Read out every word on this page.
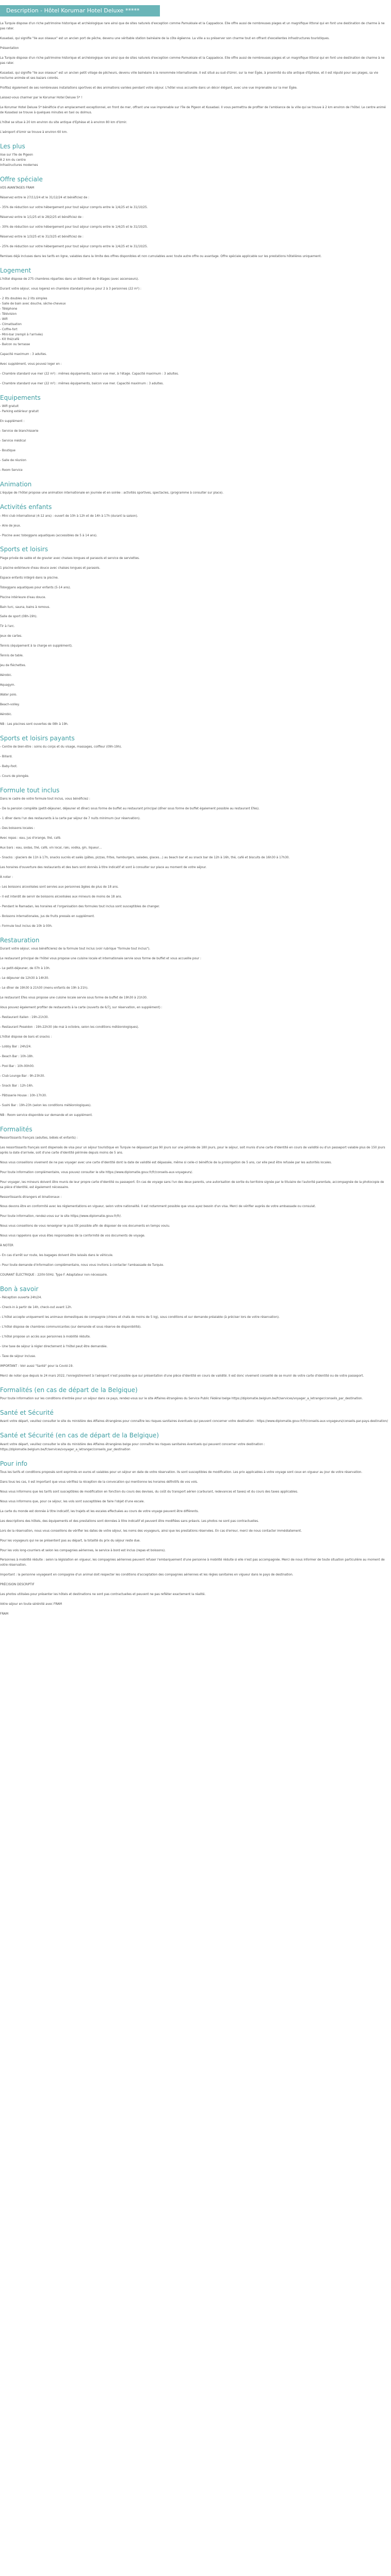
Description - Hôtel Korumar Hotel Deluxe *****

La Turquie dispose d'un riche patrimoine historique et archéologique rare ainsi que de sites naturels d'exception comme Pamukkale et la Cappadoce. Elle offre aussi de nombreuses plages et un magnifique littoral qui en font une destination de charme à ne pas rater.

Kusadasi, qui signifie "Ile aux oiseaux" est un ancien port de pêche, devenu une véritable station balnéaire de la côte égéenne. La ville a su préserver son charme tout en offrant d'excellentes infrastructures touristiques.

Présentation

La Turquie dispose d'un riche patrimoine historique et archéologique rare ainsi que de sites naturels d'exception comme Pamukkale et la Cappadoce. Elle offre aussi de nombreuses plages et un magnifique littoral qui en font une destination de charme à ne pas rater.

Kusadasi, qui signifie "Ile aux oiseaux" est un ancien petit village de pêcheurs, devenu ville balnéaire à la renommée internationale. Il est situé au sud d'Izmir, sur la mer Égée, à proximité du site antique d'Ephèse, et il est réputé pour ses plages, sa vie nocturne animée et ses bazars colorés.

Profitez également de ses nombreuses installations sportives et des animations variées pendant votre séjour. L'hôtel vous accueille dans un décor élégant, avec une vue imprenable sur la mer Égée.

Laissez-vous charmer par le Korumar Hotel Deluxe 5* !

Le Korumar Hotel Deluxe 5* bénéficie d'un emplacement exceptionnel, en front de mer, offrant une vue imprenable sur l'île de Pigeon et Kusadasi. Il vous permettra de profiter de l'ambiance de la ville qui se trouve à 2 km environ de l'hôtel. Le centre animé de Kusadasi se trouve à quelques minutes en taxi ou dolmus.

L'hôtel se situe à 20 km environ du site antique d'Ephèse et à environ 80 km d'Izmir.

L'aéroport d'Izmir se trouve à environ 60 km.

Les plus
Vue sur l'île de Pigeon
À 2 km du centre
Infrastructures modernes
Offre spéciale

VOS AVANTAGES FRAM

Réservez entre le 27/11/24 et le 31/12/24 et bénéficiez de :

- 35% de réduction sur votre hébergement pour tout séjour compris entre le 1/4/25 et le 31/10/25.

Réservez entre le 1/1/25 et le 28/2/25 et bénéficiez de :

- 30% de réduction sur votre hébergement pour tout séjour compris entre le 1/4/25 et le 31/10/25.

Réservez entre le 1/3/25 et le 31/3/25 et bénéficiez de :

- 25% de réduction sur votre hébergement pour tout séjour compris entre le 1/4/25 et le 31/10/25.

Remises déjà incluses dans les tarifs en ligne, valables dans la limite des offres disponibles et non cumulables avec toute autre offre ou avantage. Offre spéciale applicable sur les prestations hôtelières uniquement.

Logement

L'hôtel dispose de 275 chambres réparties dans un bâtiment de 9 étages (avec ascenseurs).

Durant votre séjour, vous logerez en chambre standard prévue pour 2 à 3 personnes (22 m²) :

- 2 lits doubles ou 2 lits simples
- Salle de bain avec douche, sèche-cheveux
- Téléphone
- Télévision
- Wifi
- Climatisation
- Coffre-fort
- Mini-bar (rempli à l'arrivée)
- Kit thé/café
- Balcon ou terrasse

Capacité maximum : 3 adultes.

Avec supplément, vous pouvez loger en :

- Chambre standard vue mer (22 m²) : mêmes équipements, balcon vue mer, à l'étage. Capacité maximum : 3 adultes.

- Chambre standard vue mer (22 m²) : mêmes équipements, balcon vue mer. Capacité maximum : 3 adultes.

Equipements
- Wifi gratuit
- Parking extérieur gratuit

En supplément :

- Service de blanchisserie

- Service médical

- Boutique

- Salle de réunion

- Room Service

Animation

L'équipe de l'hôtel propose une animation internationale en journée et en soirée : activités sportives, spectacles, (programme à consulter sur place).

Activités enfants

- Mini club international (4-12 ans) : ouvert de 10h à 12h et de 14h à 17h (durant la saison).

- Aire de jeux.

- Piscine avec toboggans aquatiques (accessibles de 5 à 14 ans).

Sports et loisirs

Plage privée de sable et de gravier avec chaises longues et parasols et service de serviettes.

1 piscine extérieure d'eau douce avec chaises longues et parasols.

Espace enfants intégré dans la piscine.

Toboggans aquatiques pour enfants (5-14 ans).

Piscine intérieure d'eau douce.

Bain turc, sauna, bains à remous.

Salle de sport (08h-19h).

Tir à l'arc.

Jeux de cartes.

Tennis (équipement à la charge en supplément).

Tennis de table.

Jeu de fléchettes.

Aérobic.

Aquagym.

Water polo.

Beach-volley.

Aérobic.

NB : Les piscines sont ouvertes de 08h à 19h.

Sports et loisirs payants

- Centre de bien-être : soins du corps et du visage, massages, coiffeur (09h-19h).

- Billard.

- Baby-foot.

- Cours de plongée.

Formule tout inclus

Dans le cadre de votre formule tout inclus, vous bénéficiez :

- De la pension complète (petit-déjeuner, déjeuner et dîner) sous forme de buffet au restaurant principal (dîner sous forme de buffet également possible au restaurant Efes).

- 1 dîner dans l'un des restaurants à la carte par séjour de 7 nuits minimum (sur réservation).

- Des boissons locales :

Avec repas : eau, jus d'orange, thé, café.

Aux bars : eau, sodas, thé, café, vin local, rakı, vodka, gin, liqueur…

- Snacks : glaciers de 11h à 17h, snacks sucrés et salés (pâtes, pizzas, frites, hamburgers, salades, glaces…) au beach bar et au snack bar de 12h à 16h, thé, café et biscuits de 16h30 à 17h30.

Les horaires d'ouverture des restaurants et des bars sont donnés à titre indicatif et sont à consulter sur place au moment de votre séjour.

À noter :

- Les boissons alcoolisées sont servies aux personnes âgées de plus de 18 ans.

- Il est interdit de servir de boissons alcoolisées aux mineurs de moins de 18 ans.

- Pendant le Ramadan, les horaires et l'organisation des formules tout inclus sont susceptibles de changer.

- Boissons internationales, jus de fruits pressés en supplément.

- Formule tout inclus de 10h à 00h.

Restauration

Durant votre séjour, vous bénéficierez de la formule tout inclus (voir rubrique "formule tout inclus").

Le restaurant principal de l'hôtel vous propose une cuisine locale et internationale servie sous forme de buffet et vous accueille pour :

- Le petit-déjeuner, de 07h à 10h.

- Le déjeuner de 12h30 à 14h30.

- Le dîner de 19h30 à 21h30 (menu enfants de 19h à 21h).

Le restaurant Efes vous propose une cuisine locale servie sous forme de buffet de 19h30 à 21h30.

Vous pouvez également profiter de restaurants à la carte (ouverts de 6/7j, sur réservation, en supplément) :

- Restaurant italien : 19h-21h30.

- Restaurant Poseidon : 19h-22h30 (de mai à octobre, selon les conditions météorologiques).

L'hôtel dispose de bars et snacks :

- Lobby Bar : 24h/24.

- Beach Bar : 10h-18h.

- Pool Bar : 10h-00h00.

- Club Lounge Bar : 9h-23h30.

- Snack Bar : 12h-16h.

- Pâtisserie House : 10h-17h30.

- Sushi Bar : 19h-23h (selon les conditions météorologiques).

NB : Room service disponible sur demande et en supplément.

Formalités

Ressortissants français (adultes, bébés et enfants) :

Les ressortissants français sont dispensés de visa pour un séjour touristique en Turquie ne dépassant pas 90 jours sur une période de 180 jours, pour le séjour, soit munis d'une carte d'identité en cours de validité ou d'un passeport valable plus de 150 jours après la date d'arrivée, soit d'une carte d'identité périmée depuis moins de 5 ans.

Nous vous conseillons vivement de ne pas voyager avec une carte d'identité dont la date de validité est dépassée, même si celle-ci bénéficie de la prolongation de 5 ans, car elle peut être refusée par les autorités locales.

Pour toute information complémentaire, vous pouvez consulter le site https://www.diplomatie.gouv.fr/fr/conseils-aux-voyageurs/.

Pour voyager, les mineurs doivent être munis de leur propre carte d'identité ou passeport. En cas de voyage sans l'un des deux parents, une autorisation de sortie du territoire signée par le titulaire de l'autorité parentale, accompagnée de la photocopie de sa pièce d'identité, est également nécessaire.

Ressortissants étrangers et binationaux :

Nous devons être en conformité avec les réglementations en vigueur, selon votre nationalité. Il est notamment possible que vous ayez besoin d'un visa. Merci de vérifier auprès de votre ambassade ou consulat.

Pour toute information, rendez-vous sur le site https://www.diplomatie.gouv.fr/fr/.

Nous vous conseillons de vous renseigner le plus tôt possible afin de disposer de vos documents en temps voulu.

Nous vous rappelons que vous êtes responsables de la conformité de vos documents de voyage.

À NOTER

- En cas d'arrêt sur route, les bagages doivent être laissés dans le véhicule.

- Pour toute demande d'information complémentaire, nous vous invitons à contacter l'ambassade de Turquie.

COURANT ÉLECTRIQUE : 220V-50Hz. Type F. Adaptateur non nécessaire.

Bon à savoir

- Réception ouverte 24h/24.

- Check-in à partir de 14h, check-out avant 12h.

- L'hôtel accepte uniquement les animaux domestiques de compagnie (chiens et chats de moins de 5 kg), sous conditions et sur demande préalable (à préciser lors de votre réservation).

- L'hôtel dispose de chambres communicantes (sur demande et sous réserve de disponibilité).

- L'hôtel propose un accès aux personnes à mobilité réduite.

- Une taxe de séjour à régler directement à l'hôtel peut être demandée.

- Taxe de séjour incluse.

IMPORTANT : Voir aussi "Santé" pour la Covid-19.

Merci de noter que depuis le 24 mars 2022, l'enregistrement à l'aéroport n'est possible que sur présentation d'une pièce d'identité en cours de validité. Il est donc vivement conseillé de se munir de votre carte d'identité ou de votre passeport.

Formalités (en cas de départ de la Belgique)

Pour toute information sur les conditions d'entrée pour un séjour dans ce pays, rendez-vous sur le site Affaires étrangères du Service Public Fédéral belge https://diplomatie.belgium.be/fr/services/voyager_a_letranger/conseils_par_destination.

Santé et Sécurité

Avant votre départ, veuillez consulter le site du ministère des Affaires étrangères pour connaître les risques sanitaires éventuels qui peuvent concerner votre destination : https://www.diplomatie.gouv.fr/fr/conseils-aux-voyageurs/conseils-par-pays-destination/

Santé et Sécurité (en cas de départ de la Belgique)

Avant votre départ, veuillez consulter le site du ministère des Affaires étrangères belge pour connaître les risques sanitaires éventuels qui peuvent concerner votre destination : https://diplomatie.belgium.be/fr/services/voyager_a_letranger/conseils_par_destination

Pour info

Tous les tarifs et conditions proposés sont exprimés en euros et valables pour un séjour en date de votre réservation. Ils sont susceptibles de modification. Les prix applicables à votre voyage sont ceux en vigueur au jour de votre réservation.

Dans tous les cas, il est important que vous vérifiiez la réception de la convocation qui mentionne les horaires définitifs de vos vols.

Nous vous informons que les tarifs sont susceptibles de modification en fonction du cours des devises, du coût du transport aérien (carburant, redevances et taxes) et du cours des taxes applicables.

Nous vous informons que, pour ce séjour, les vols sont susceptibles de faire l'objet d'une escale.

La carte du monde est donnée à titre indicatif, les trajets et les escales effectuées au cours de votre voyage peuvent être différents.

Les descriptions des hôtels, des équipements et des prestations sont données à titre indicatif et peuvent être modifiées sans préavis. Les photos ne sont pas contractuelles.

Lors de la réservation, nous vous conseillons de vérifier les dates de votre séjour, les noms des voyageurs, ainsi que les prestations réservées. En cas d'erreur, merci de nous contacter immédiatement.

Pour les voyageurs qui ne se présentent pas au départ, la totalité du prix du séjour reste due.

Pour les vols long-courriers et selon les compagnies aériennes, le service à bord est inclus (repas et boissons).

Personnes à mobilité réduite : selon la législation en vigueur, les compagnies aériennes peuvent refuser l'embarquement d'une personne à mobilité réduite si elle n'est pas accompagnée. Merci de nous informer de toute situation particulière au moment de votre réservation.

Important : la personne voyageant en compagnie d'un animal doit respecter les conditions d'acceptation des compagnies aériennes et les règles sanitaires en vigueur dans le pays de destination.

PRÉCISION DESCRIPTIF

Les photos utilisées pour présenter les hôtels et destinations ne sont pas contractuelles et peuvent ne pas refléter exactement la réalité.

Votre séjour en toute sérénité avec FRAM

FRAM
